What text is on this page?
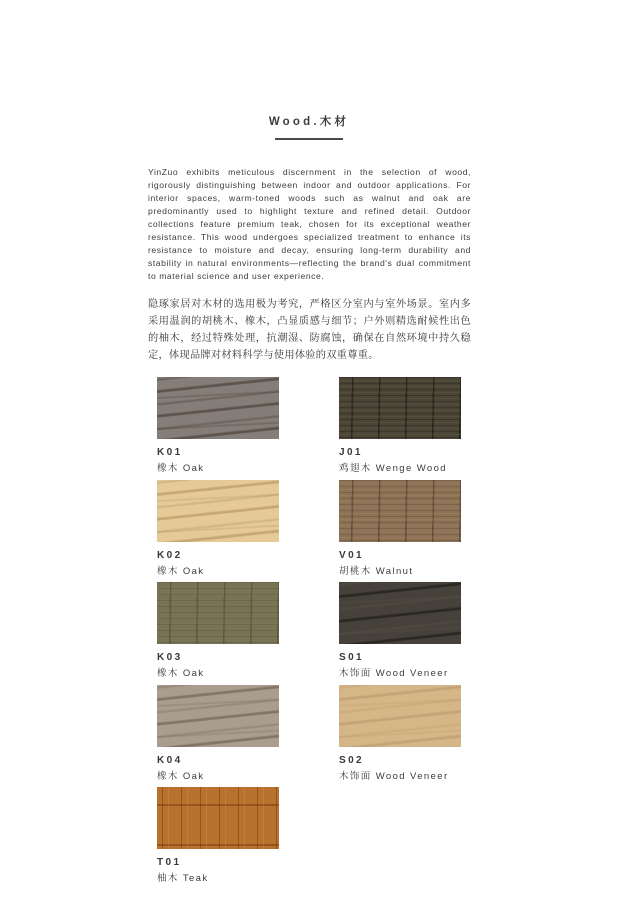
Wood.木材

YinZuo exhibits meticulous discernment in the selection of wood, rigorously distinguishing between indoor and outdoor applications. For interior spaces, warm-toned woods such as walnut and oak are predominantly used to highlight texture and refined detail. Outdoor collections feature premium teak, chosen for its exceptional weather resistance. This wood undergoes specialized treatment to enhance its resistance to moisture and decay, ensuring long-term durability and stability in natural environments—reflecting the brand's dual commitment to material science and user experience.

隐琢家居对木材的选用极为考究，严格区分室内与室外场景。室内多采用温润的胡桃木、橡木，凸显质感与细节；户外则精选耐候性出色的柚木，经过特殊处理，抗潮湿、防腐蚀，确保在自然环境中持久稳定，体现品牌对材料科学与使用体验的双重尊重。

K01
橡木 Oak
J01
鸡翅木 Wenge Wood
K02
橡木 Oak
V01
胡桃木 Walnut
K03
橡木 Oak
S01
木饰面 Wood Veneer
K04
橡木 Oak
S02
木饰面 Wood Veneer
T01
柚木 Teak
